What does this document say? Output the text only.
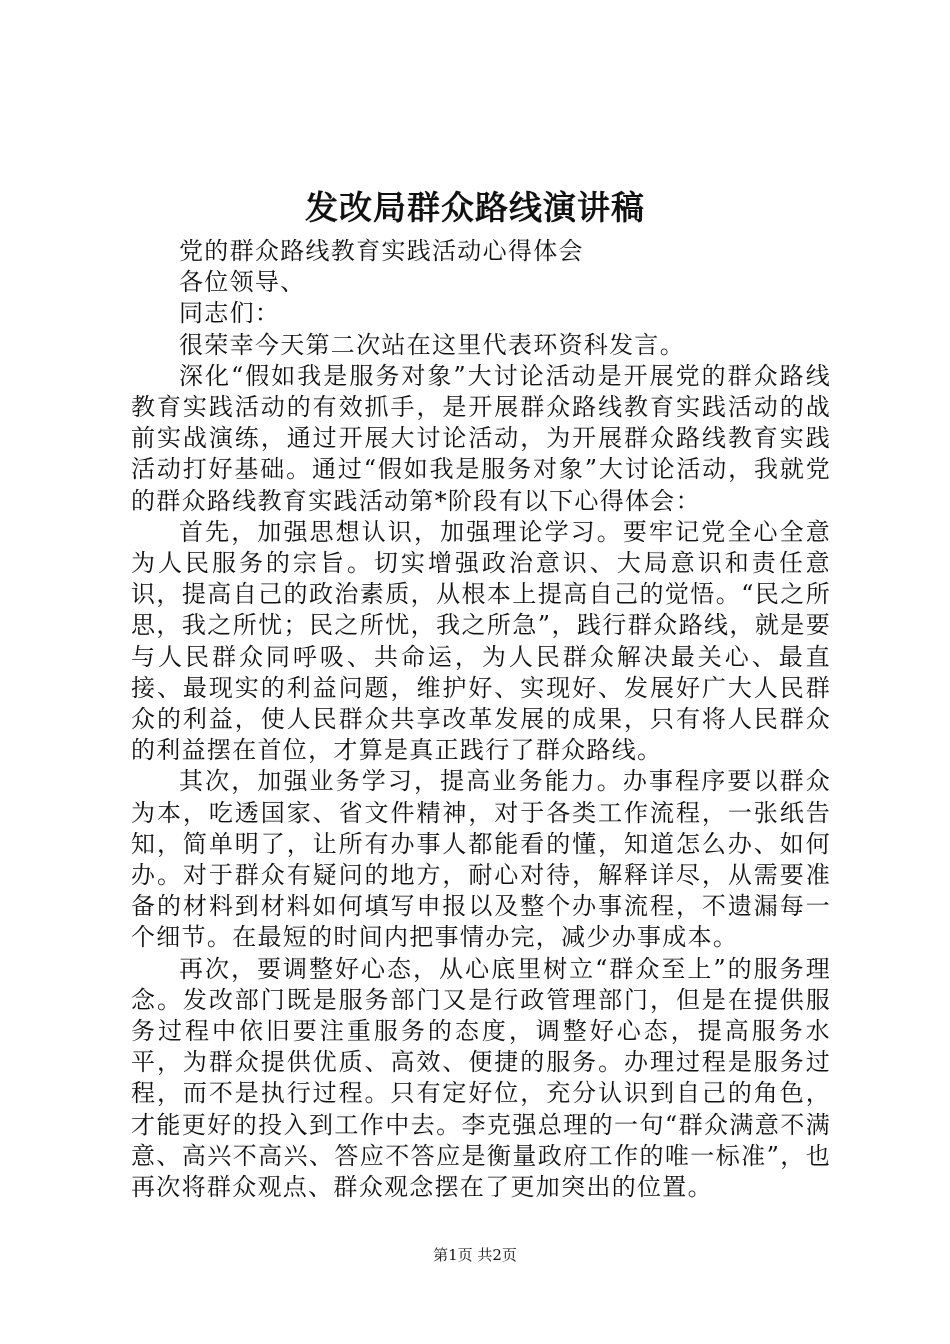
发改局群众路线演讲稿

党的群众路线教育实践活动心得体会

各位领导、

同志们：

很荣幸今天第二次站在这里代表环资科发言。

深化“假如我是服务对象”大讨论活动是开展党的群众路线教育实践活动的有效抓手，是开展群众路线教育实践活动的战前实战演练，通过开展大讨论活动，为开展群众路线教育实践活动打好基础。通过“假如我是服务对象”大讨论活动，我就党的群众路线教育实践活动第*阶段有以下心得体会：

首先，加强思想认识，加强理论学习。要牢记党全心全意为人民服务的宗旨。切实增强政治意识、大局意识和责任意识，提高自己的政治素质，从根本上提高自己的觉悟。“民之所思，我之所忧；民之所忧，我之所急”，践行群众路线，就是要与人民群众同呼吸、共命运，为人民群众解决最关心、最直接、最现实的利益问题，维护好、实现好、发展好广大人民群众的利益，使人民群众共享改革发展的成果，只有将人民群众的利益摆在首位，才算是真正践行了群众路线。

其次，加强业务学习，提高业务能力。办事程序要以群众为本，吃透国家、省文件精神，对于各类工作流程，一张纸告知，简单明了，让所有办事人都能看的懂，知道怎么办、如何办。对于群众有疑问的地方，耐心对待，解释详尽，从需要准备的材料到材料如何填写申报以及整个办事流程，不遗漏每一个细节。在最短的时间内把事情办完，减少办事成本。

再次，要调整好心态，从心底里树立“群众至上”的服务理念。发改部门既是服务部门又是行政管理部门，但是在提供服务过程中依旧要注重服务的态度，调整好心态，提高服务水平，为群众提供优质、高效、便捷的服务。办理过程是服务过程，而不是执行过程。只有定好位，充分认识到自己的角色，才能更好的投入到工作中去。李克强总理的一句“群众满意不满意、高兴不高兴、答应不答应是衡量政府工作的唯一标准”，也再次将群众观点、群众观念摆在了更加突出的位置。

第1页 共2页
